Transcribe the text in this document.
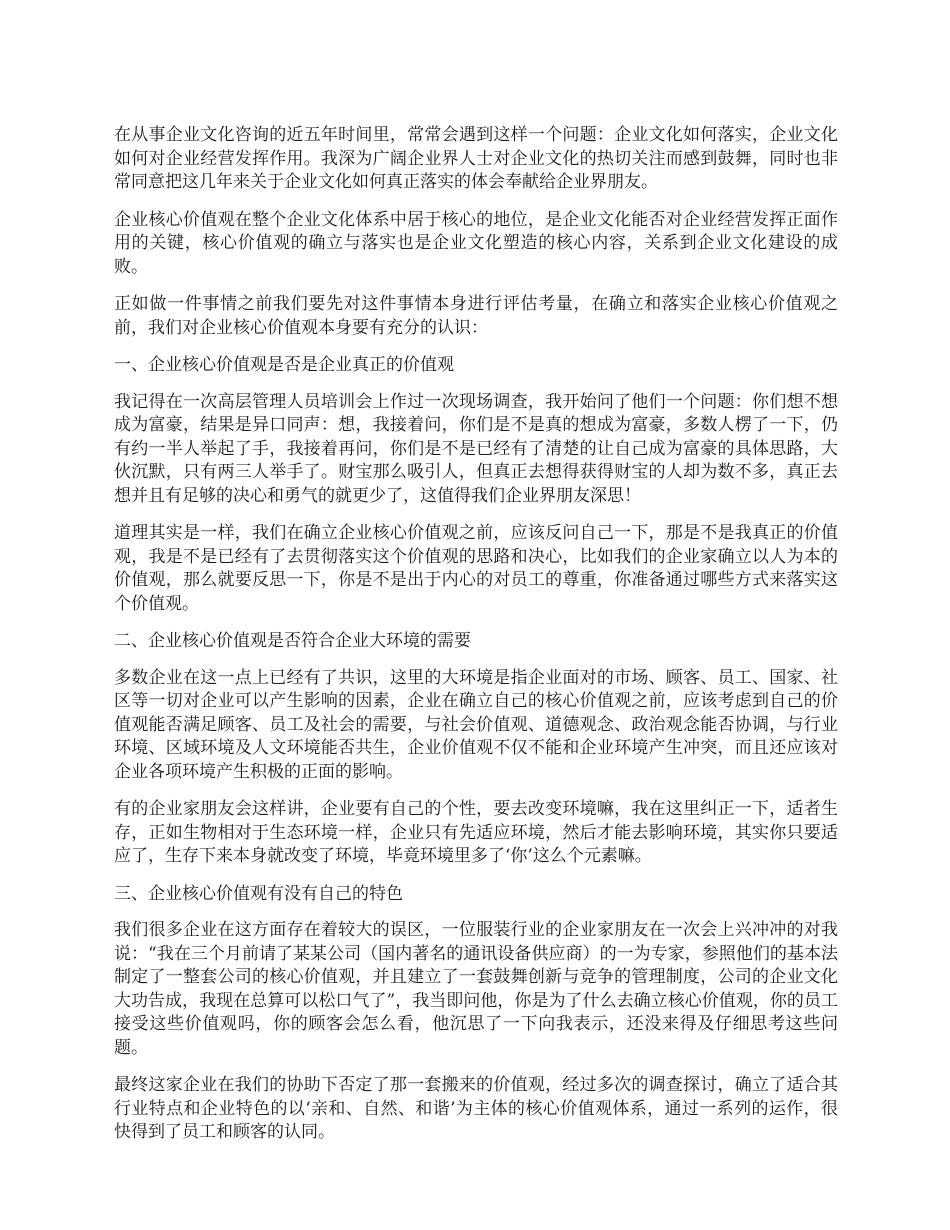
在从事企业文化咨询的近五年时间里，常常会遇到这样一个问题：企业文化如何落实，企业文化如何对企业经营发挥作用。我深为广阔企业界人士对企业文化的热切关注而感到鼓舞，同时也非常同意把这几年来关于企业文化如何真正落实的体会奉献给企业界朋友。

企业核心价值观在整个企业文化体系中居于核心的地位，是企业文化能否对企业经营发挥正面作用的关键，核心价值观的确立与落实也是企业文化塑造的核心内容，关系到企业文化建设的成败。

正如做一件事情之前我们要先对这件事情本身进行评估考量，在确立和落实企业核心价值观之前，我们对企业核心价值观本身要有充分的认识：

一、企业核心价值观是否是企业真正的价值观

我记得在一次高层管理人员培训会上作过一次现场调查，我开始问了他们一个问题：你们想不想成为富豪，结果是异口同声：想，我接着问，你们是不是真的想成为富豪，多数人楞了一下，仍有约一半人举起了手，我接着再问，你们是不是已经有了清楚的让自己成为富豪的具体思路，大伙沉默，只有两三人举手了。财宝那么吸引人，但真正去想得获得财宝的人却为数不多，真正去想并且有足够的决心和勇气的就更少了，这值得我们企业界朋友深思！

道理其实是一样，我们在确立企业核心价值观之前，应该反问自己一下，那是不是我真正的价值观，我是不是已经有了去贯彻落实这个价值观的思路和决心，比如我们的企业家确立以人为本的价值观，那么就要反思一下，你是不是出于内心的对员工的尊重，你准备通过哪些方式来落实这个价值观。

二、企业核心价值观是否符合企业大环境的需要

多数企业在这一点上已经有了共识，这里的大环境是指企业面对的市场、顾客、员工、国家、社区等一切对企业可以产生影响的因素，企业在确立自己的核心价值观之前，应该考虑到自己的价值观能否满足顾客、员工及社会的需要，与社会价值观、道德观念、政治观念能否协调，与行业环境、区域环境及人文环境能否共生，企业价值观不仅不能和企业环境产生冲突，而且还应该对企业各项环境产生积极的正面的影响。

有的企业家朋友会这样讲，企业要有自己的个性，要去改变环境嘛，我在这里纠正一下，适者生存，正如生物相对于生态环境一样，企业只有先适应环境，然后才能去影响环境，其实你只要适应了，生存下来本身就改变了环境，毕竟环境里多了‘你’这么个元素嘛。

三、企业核心价值观有没有自己的特色

我们很多企业在这方面存在着较大的误区，一位服装行业的企业家朋友在一次会上兴冲冲的对我说：“我在三个月前请了某某公司（国内著名的通讯设备供应商）的一为专家，参照他们的基本法制定了一整套公司的核心价值观，并且建立了一套鼓舞创新与竞争的管理制度，公司的企业文化大功告成，我现在总算可以松口气了”，我当即问他，你是为了什么去确立核心价值观，你的员工接受这些价值观吗，你的顾客会怎么看，他沉思了一下向我表示，还没来得及仔细思考这些问题。

最终这家企业在我们的协助下否定了那一套搬来的价值观，经过多次的调查探讨，确立了适合其行业特点和企业特色的以‘亲和、自然、和谐’为主体的核心价值观体系，通过一系列的运作，很快得到了员工和顾客的认同。
